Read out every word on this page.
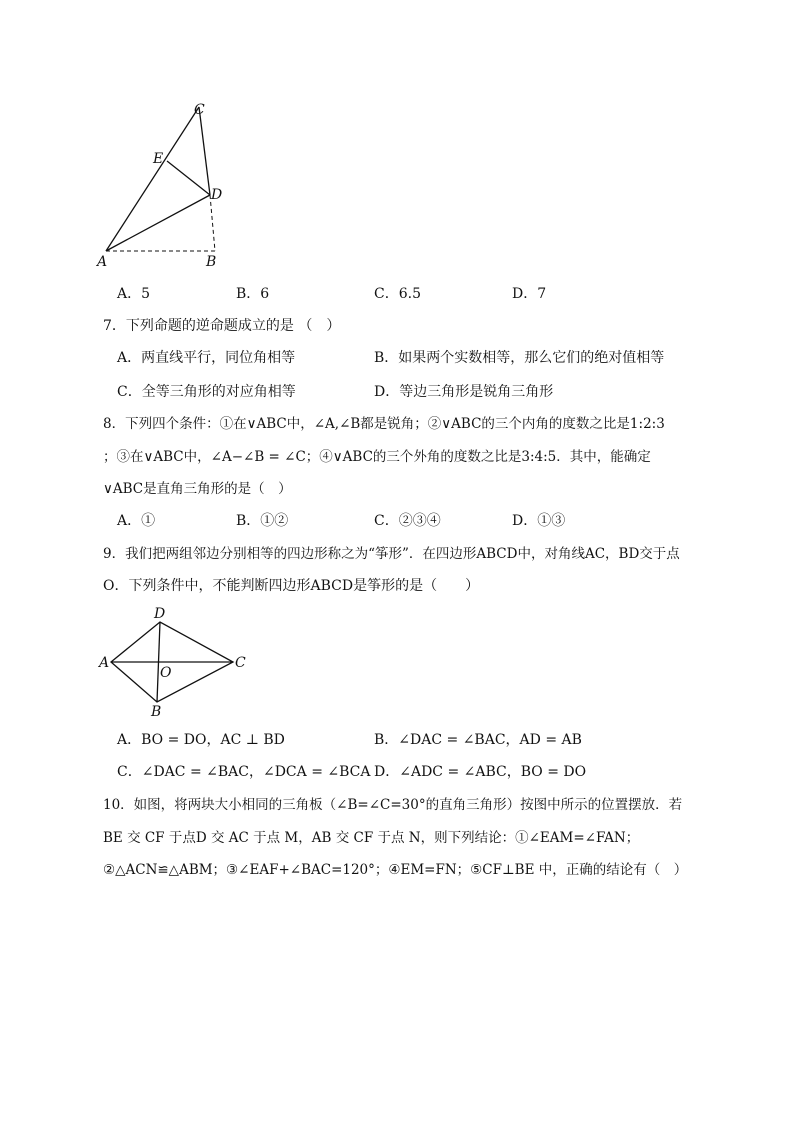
C
E
D
A	B
A．5	B．6	C．6.5	D．7
7．下列命题的逆命题成立的是 （　）
A．两直线平行，同位角相等	B．如果两个实数相等，那么它们的绝对值相等
C．全等三角形的对应角相等	D．等边三角形是锐角三角形
8．下列四个条件：①在∨ABC中，∠A,∠B都是锐角；②∨ABC的三个内角的度数之比是1:2:3
；③在∨ABC中，∠A−∠B = ∠C；④∨ABC的三个外角的度数之比是3:4:5．其中，能确定
∨ABC是直角三角形的是（　）
A．①	B．①②	C．②③④	D．①③
9．我们把两组邻边分别相等的四边形称之为“筝形”．在四边形ABCD中，对角线AC，BD交于点
O．下列条件中，不能判断四边形ABCD是筝形的是（　　）
D
A
O
C
B
A．BO = DO，AC ⊥ BD	B．∠DAC = ∠BAC，AD = AB
C．∠DAC = ∠BAC，∠DCA = ∠BCA D．∠ADC = ∠ABC，BO = DO
10．如图，将两块大小相同的三角板（∠B=∠C=30°的直角三角形）按图中所示的位置摆放．若
BE 交 CF 于点D 交 AC 于点 M，AB 交 CF 于点 N，则下列结论：①∠EAM=∠FAN；
②△ACN≌△ABM；③∠EAF+∠BAC=120°；④EM=FN；⑤CF⊥BE 中，正确的结论有（　）
